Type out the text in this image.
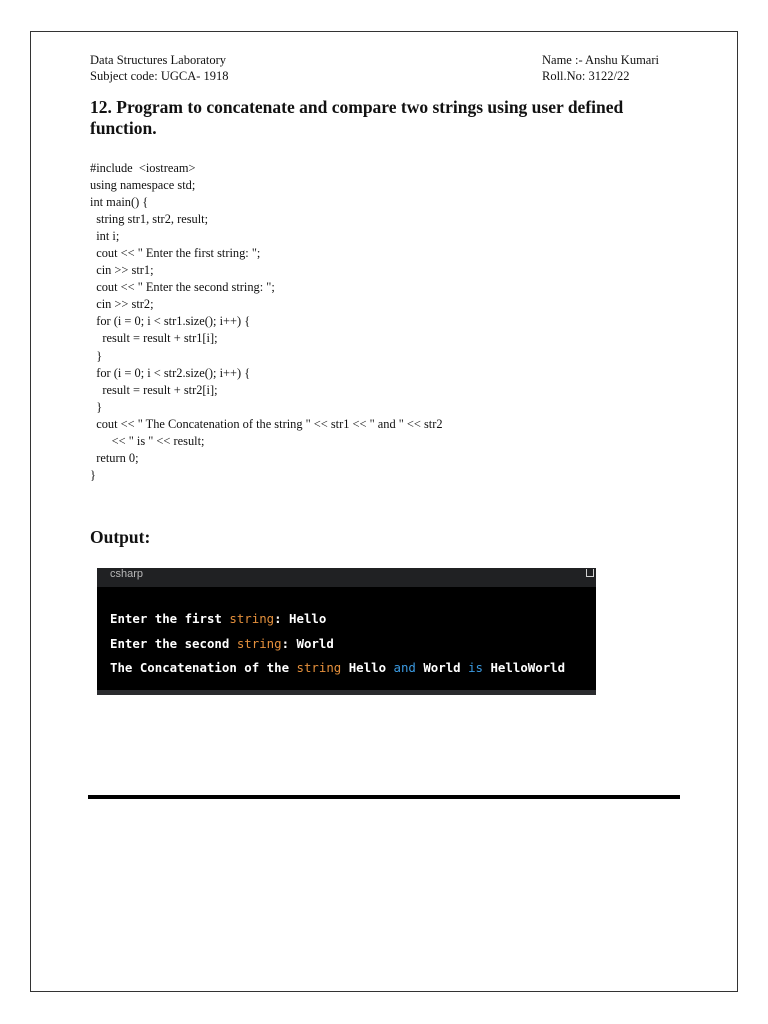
Data Structures Laboratory
Subject code: UGCA- 1918
Name :- Anshu Kumari
Roll.No: 3122/22
12. Program to concatenate and compare two strings using user defined function.
#include  <iostream>
using namespace std;
int main() {
string str1, str2, result;
int i;
cout << " Enter the first string: ";
cin >> str1;
cout << " Enter the second string: ";
cin >> str2;
for (i = 0; i < str1.size(); i++) {
result = result + str1[i];
}
for (i = 0; i < str2.size(); i++) {
result = result + str2[i];
}
cout << " The Concatenation of the string " << str1 << " and " << str2
<< " is " << result;
return 0;
}
Output:
csharp
Enter the first string: Hello
Enter the second string: World
The Concatenation of the string Hello and World is HelloWorld
